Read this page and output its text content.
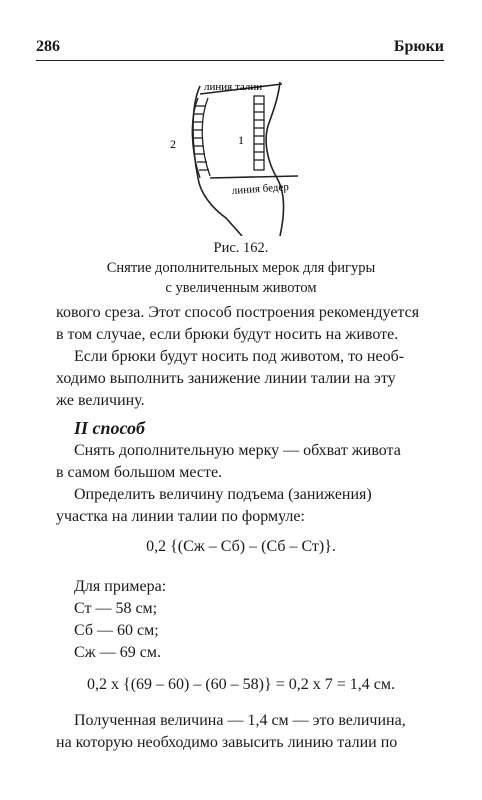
286	Брюки
линия талии
линия бедер
1
2
Рис. 162.
Снятие дополнительных мерок для фигуры
с увеличенным животом
кового среза. Этот способ построения рекомендуется
в том случае, если брюки будут носить на животе.
Если брюки будут носить под животом, то необ-
ходимо выполнить занижение линии талии на эту
же величину.
II способ
Снять дополнительную мерку — обхват живота
в самом большом месте.
Определить величину подъема (занижения)
участка на линии талии по формуле:
0,2 {(Сж – Сб) – (Сб – Ст)}.
Для примера:
Ст — 58 см;
Сб — 60 см;
Сж — 69 см.
0,2 х {(69 – 60) – (60 – 58)} = 0,2 х 7 = 1,4 см.
Полученная величина — 1,4 см — это величина,
на которую необходимо завысить линию талии по
